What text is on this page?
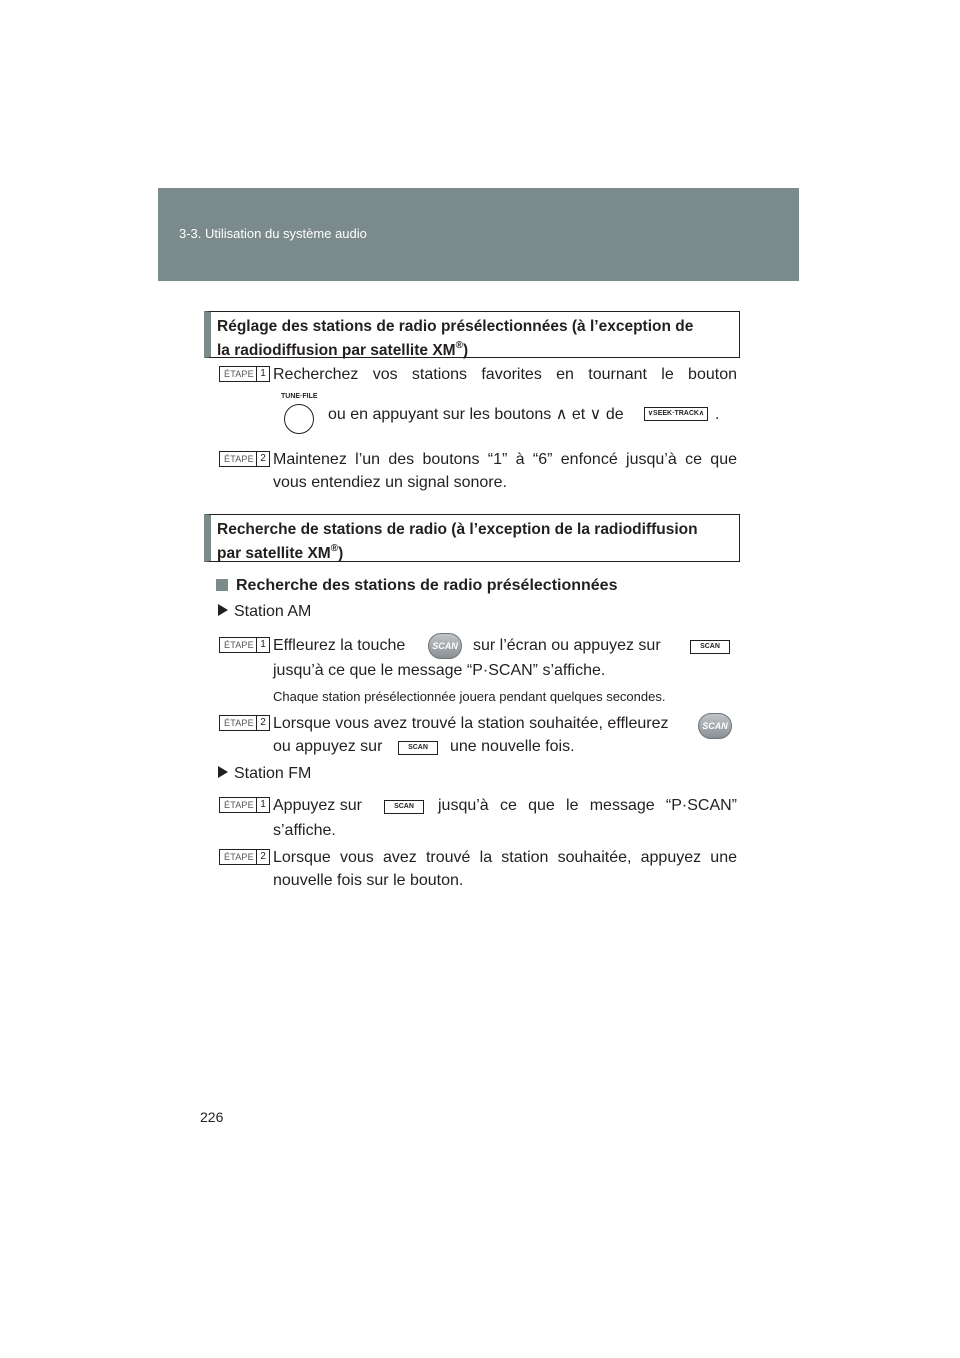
3-3. Utilisation du système audio
Réglage des stations de radio présélectionnées (à l’exception de
la radiodiffusion par satellite XM®)
ÉTAPE 1 Recherchez vos stations favorites en tournant le bouton
TUNE·FILE
ou en appuyant sur les boutons ∧ et ∨ de	∨SEEK·TRACK∧ .
ÉTAPE 2 Maintenez l’un des boutons “1” à “6” enfoncé jusqu’à ce que
vous entendiez un signal sonore.
Recherche de stations de radio (à l’exception de la radiodiffusion
par satellite XM®)
Recherche des stations de radio présélectionnées
Station AM
ÉTAPE 1 Effleurez la touche	SCAN sur l’écran ou appuyez sur	SCAN
jusqu’à ce que le message “P·SCAN” s’affiche.
Chaque station présélectionnée jouera pendant quelques secondes.
ÉTAPE 2 Lorsque vous avez trouvé la station souhaitée, effleurez	SCAN
ou appuyez sur	SCAN	une nouvelle fois.
Station FM
ÉTAPE 1 Appuyez sur	SCAN	jusqu’à ce que le message “P·SCAN”
s’affiche.
ÉTAPE 2 Lorsque vous avez trouvé la station souhaitée, appuyez une
nouvelle fois sur le bouton.
226
